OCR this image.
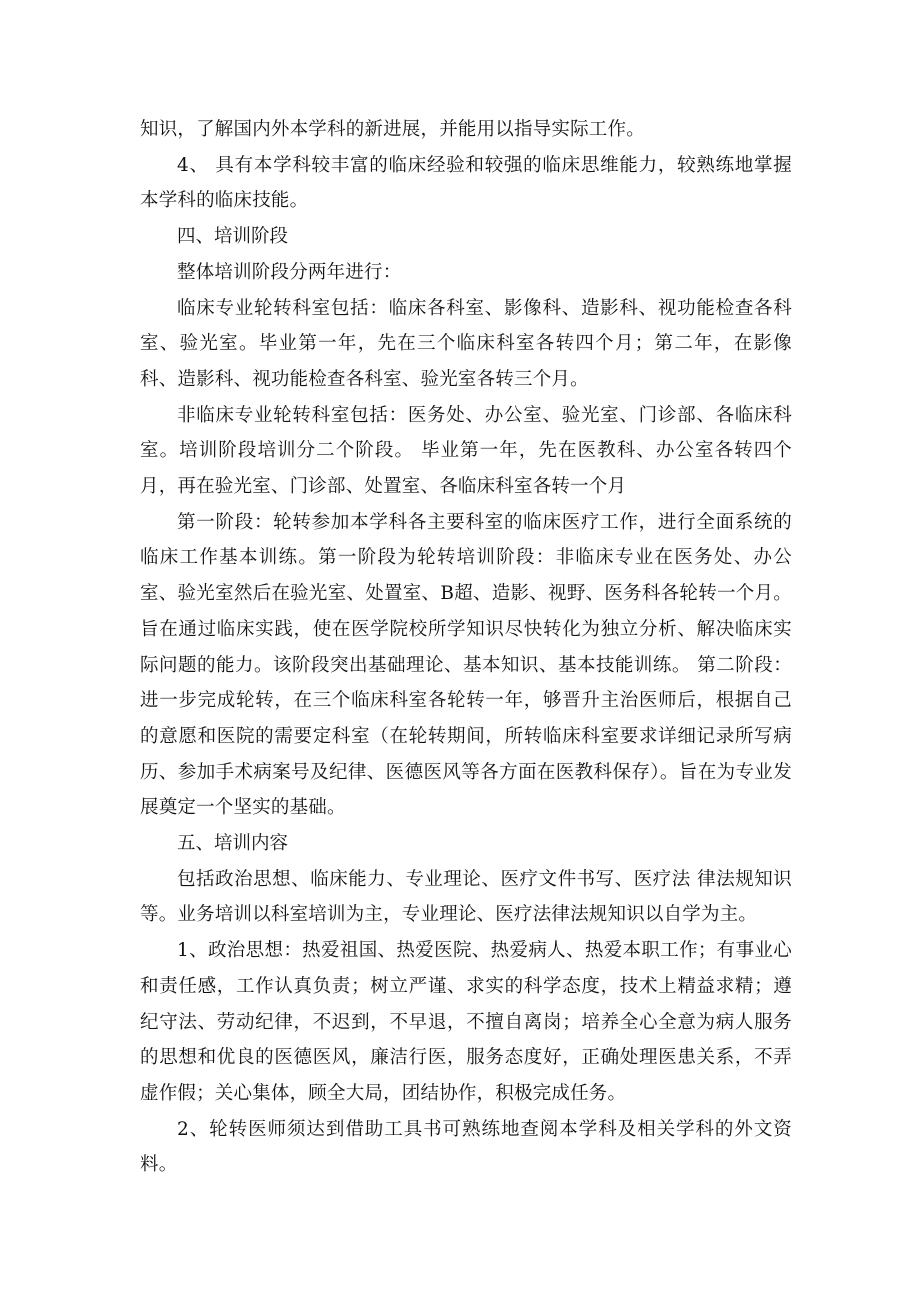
知识，了解国内外本学科的新进展，并能用以指导实际工作。

4、 具有本学科较丰富的临床经验和较强的临床思维能力，较熟练地掌握本学科的临床技能。

四、培训阶段

整体培训阶段分两年进行：

临床专业轮转科室包括：临床各科室、影像科、造影科、视功能检查各科室、验光室。毕业第一年，先在三个临床科室各转四个月；第二年，在影像科、造影科、视功能检查各科室、验光室各转三个月。

非临床专业轮转科室包括：医务处、办公室、验光室、门诊部、各临床科室。培训阶段培训分二个阶段。 毕业第一年，先在医教科、办公室各转四个月，再在验光室、门诊部、处置室、各临床科室各转一个月

第一阶段：轮转参加本学科各主要科室的临床医疗工作，进行全面系统的临床工作基本训练。第一阶段为轮转培训阶段：非临床专业在医务处、办公室、验光室然后在验光室、处置室、B超、造影、视野、医务科各轮转一个月。旨在通过临床实践，使在医学院校所学知识尽快转化为独立分析、解决临床实际问题的能力。该阶段突出基础理论、基本知识、基本技能训练。 第二阶段：进一步完成轮转，在三个临床科室各轮转一年，够晋升主治医师后，根据自己的意愿和医院的需要定科室（在轮转期间，所转临床科室要求详细记录所写病历、参加手术病案号及纪律、医德医风等各方面在医教科保存）。旨在为专业发展奠定一个坚实的基础。

五、培训内容

包括政治思想、临床能力、专业理论、医疗文件书写、医疗法 律法规知识等。业务培训以科室培训为主，专业理论、医疗法律法规知识以自学为主。

1、政治思想：热爱祖国、热爱医院、热爱病人、热爱本职工作；有事业心和责任感，工作认真负责；树立严谨、求实的科学态度，技术上精益求精；遵纪守法、劳动纪律，不迟到，不早退，不擅自离岗；培养全心全意为病人服务的思想和优良的医德医风，廉洁行医，服务态度好，正确处理医患关系，不弄虚作假；关心集体，顾全大局，团结协作，积极完成任务。

2、轮转医师须达到借助工具书可熟练地查阅本学科及相关学科的外文资料。
